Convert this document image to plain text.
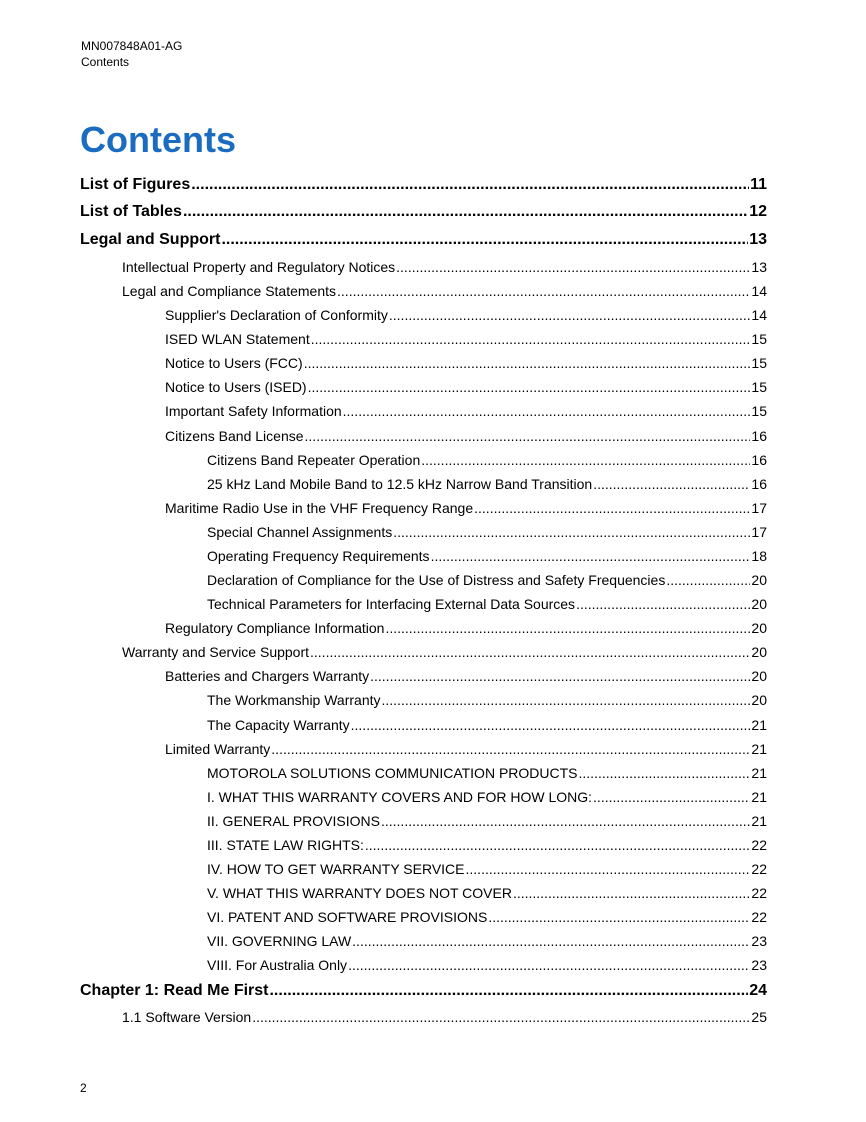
MN007848A01-AG
Contents
Contents
List of Figures .....	11
List of Tables .....	12
Legal and Support .....	13
Intellectual Property and Regulatory Notices .....	13
Legal and Compliance Statements .....	14
Supplier's Declaration of Conformity .....	14
ISED WLAN Statement .....	15
Notice to Users (FCC) .....	15
Notice to Users (ISED) .....	15
Important Safety Information .....	15
Citizens Band License .....	16
Citizens Band Repeater Operation .....	16
25 kHz Land Mobile Band to 12.5 kHz Narrow Band Transition .....	16
Maritime Radio Use in the VHF Frequency Range .....	17
Special Channel Assignments .....	17
Operating Frequency Requirements .....	18
Declaration of Compliance for the Use of Distress and Safety Frequencies .....	20
Technical Parameters for Interfacing External Data Sources .....	20
Regulatory Compliance Information .....	20
Warranty and Service Support .....	20
Batteries and Chargers Warranty .....	20
The Workmanship Warranty .....	20
The Capacity Warranty .....	21
Limited Warranty .....	21
MOTOROLA SOLUTIONS COMMUNICATION PRODUCTS .....	21
I. WHAT THIS WARRANTY COVERS AND FOR HOW LONG: .....	21
II. GENERAL PROVISIONS .....	21
III. STATE LAW RIGHTS: .....	22
IV. HOW TO GET WARRANTY SERVICE .....	22
V. WHAT THIS WARRANTY DOES NOT COVER .....	22
VI. PATENT AND SOFTWARE PROVISIONS .....	22
VII. GOVERNING LAW .....	23
VIII. For Australia Only .....	23
Chapter 1: Read Me First .....	24
1.1 Software Version .....	25
2
